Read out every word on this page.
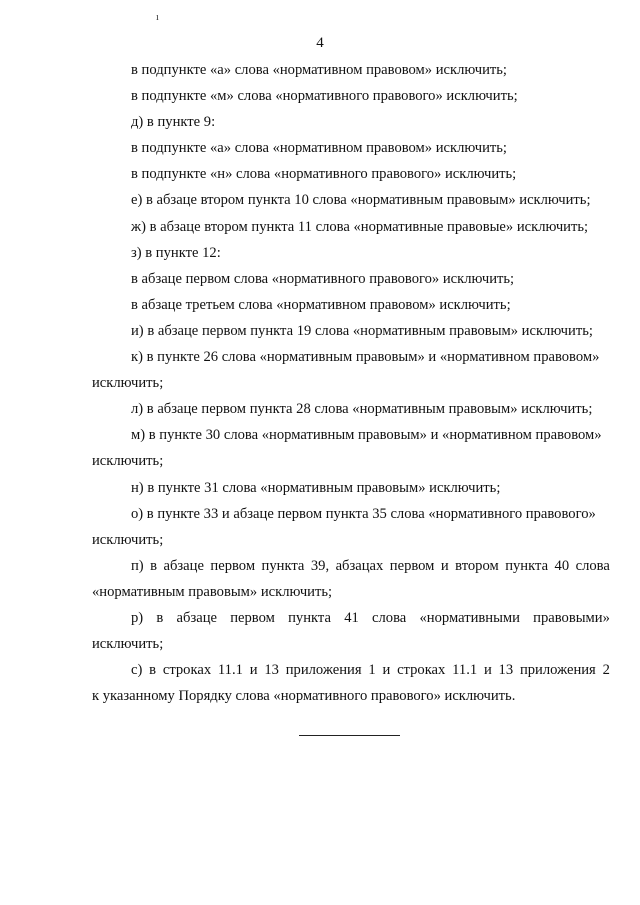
ı
4
в подпункте «а» слова «нормативном правовом» исключить;
в подпункте «м» слова «нормативного правового» исключить;
д) в пункте 9:
в подпункте «а» слова «нормативном правовом» исключить;
в подпункте «н» слова «нормативного правового» исключить;
е) в абзаце втором пункта 10 слова «нормативным правовым» исключить;
ж) в абзаце втором пункта 11 слова «нормативные правовые» исключить;
з) в пункте 12:
в абзаце первом слова «нормативного правового» исключить;
в абзаце третьем слова «нормативном правовом» исключить;
и) в абзаце первом пункта 19 слова «нормативным правовым» исключить;
к) в пункте 26 слова «нормативным правовым» и «нормативном правовом»
исключить;
л) в абзаце первом пункта 28 слова «нормативным правовым» исключить;
м) в пункте 30 слова «нормативным правовым» и «нормативном правовом»
исключить;
н) в пункте 31 слова «нормативным правовым» исключить;
о) в пункте 33 и абзаце первом пункта 35 слова «нормативного правового»
исключить;
п) в абзаце первом пункта 39, абзацах первом и втором пункта 40 слова
«нормативным правовым» исключить;
р) в абзаце первом пункта 41 слова «нормативными правовыми»
исключить;
с) в строках 11.1 и 13 приложения 1 и строках 11.1 и 13 приложения 2
к указанному Порядку слова «нормативного правового» исключить.
